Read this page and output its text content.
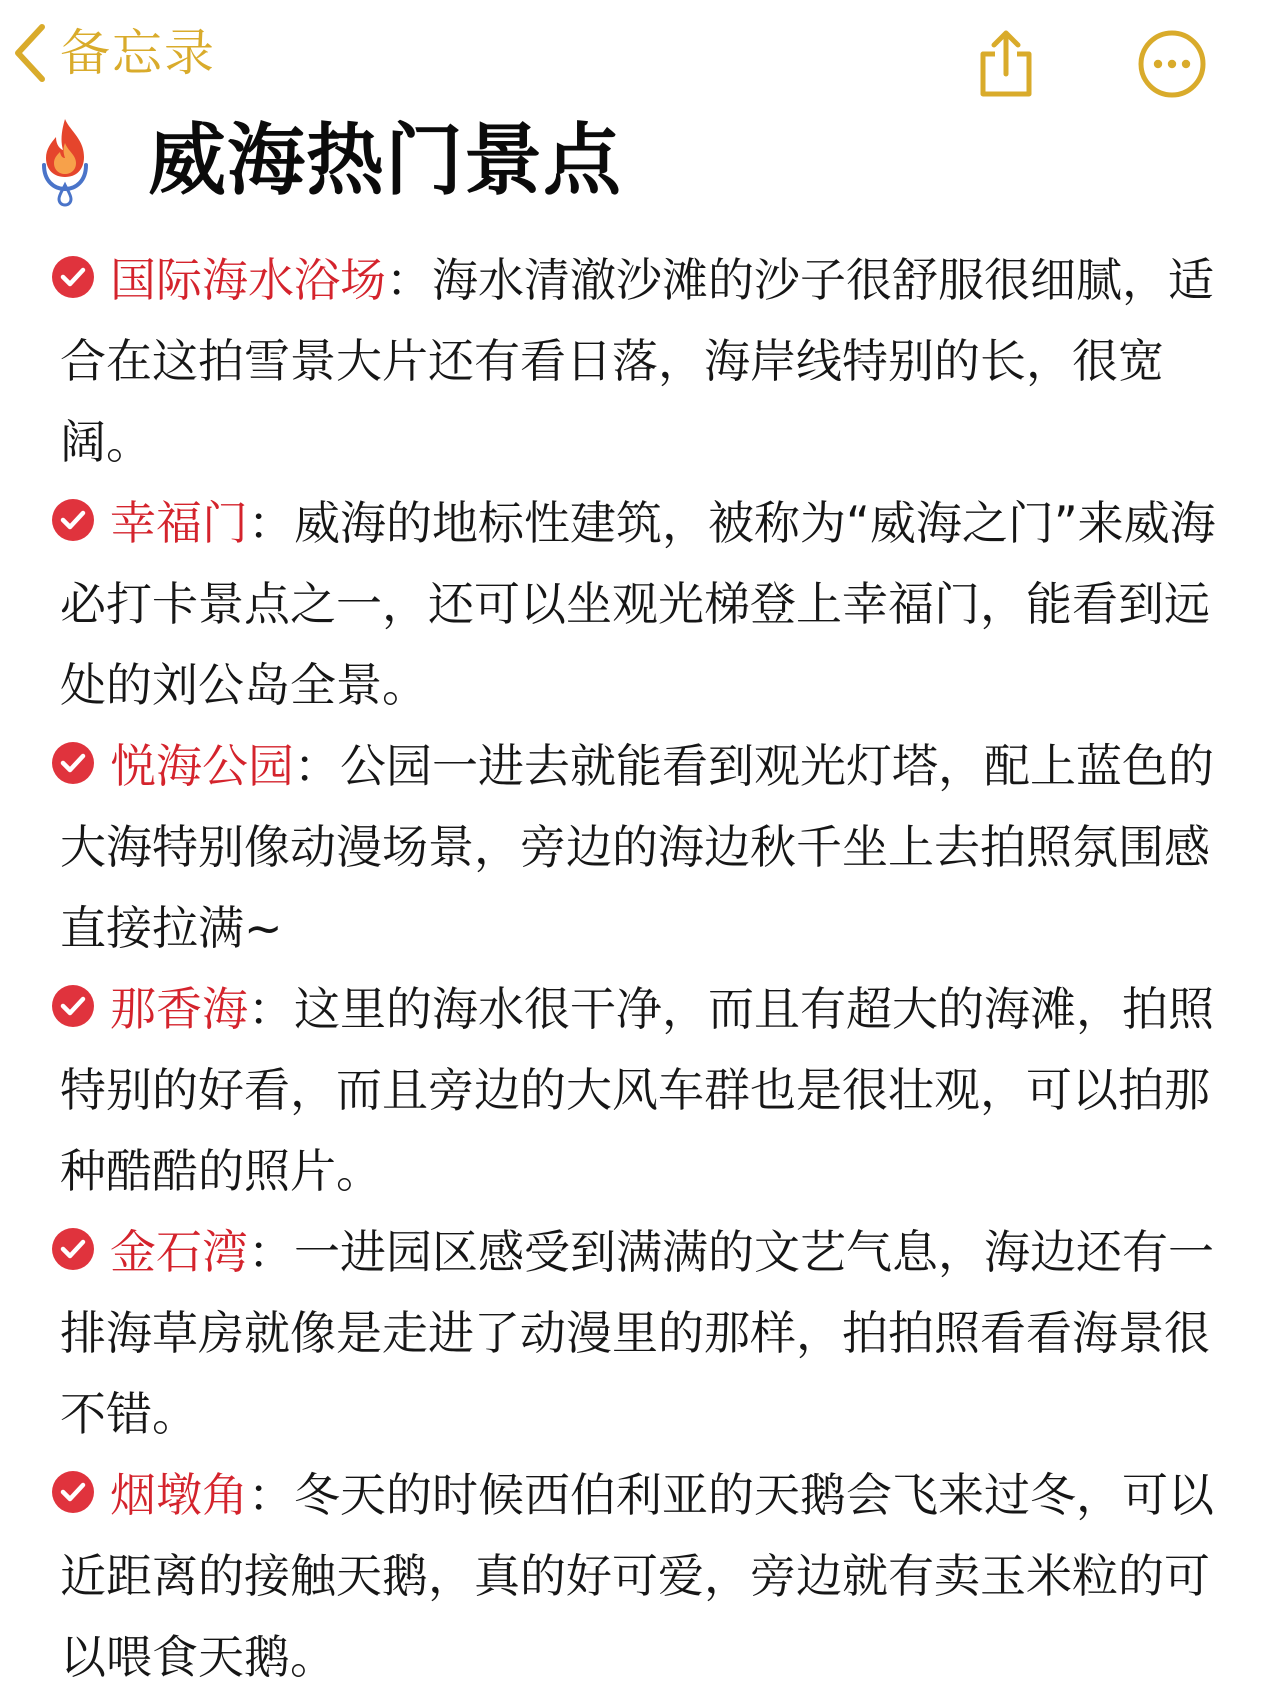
备忘录
威海热门景点
国际海水浴场：海水清澈沙滩的沙子很舒服很细腻，适合在这拍雪景大片还有看日落，海岸线特别的长，很宽阔。
幸福门：威海的地标性建筑，被称为“威海之门”来威海必打卡景点之一，还可以坐观光梯登上幸福门，能看到远处的刘公岛全景。
悦海公园：公园一进去就能看到观光灯塔，配上蓝色的大海特别像动漫场景，旁边的海边秋千坐上去拍照氛围感直接拉满~
那香海：这里的海水很干净，而且有超大的海滩，拍照特别的好看，而且旁边的大风车群也是很壮观，可以拍那种酷酷的照片。
金石湾：一进园区感受到满满的文艺气息，海边还有一排海草房就像是走进了动漫里的那样，拍拍照看看海景很不错。
烟墩角：冬天的时候西伯利亚的天鹅会飞来过冬，可以近距离的接触天鹅，真的好可爱，旁边就有卖玉米粒的可以喂食天鹅。
